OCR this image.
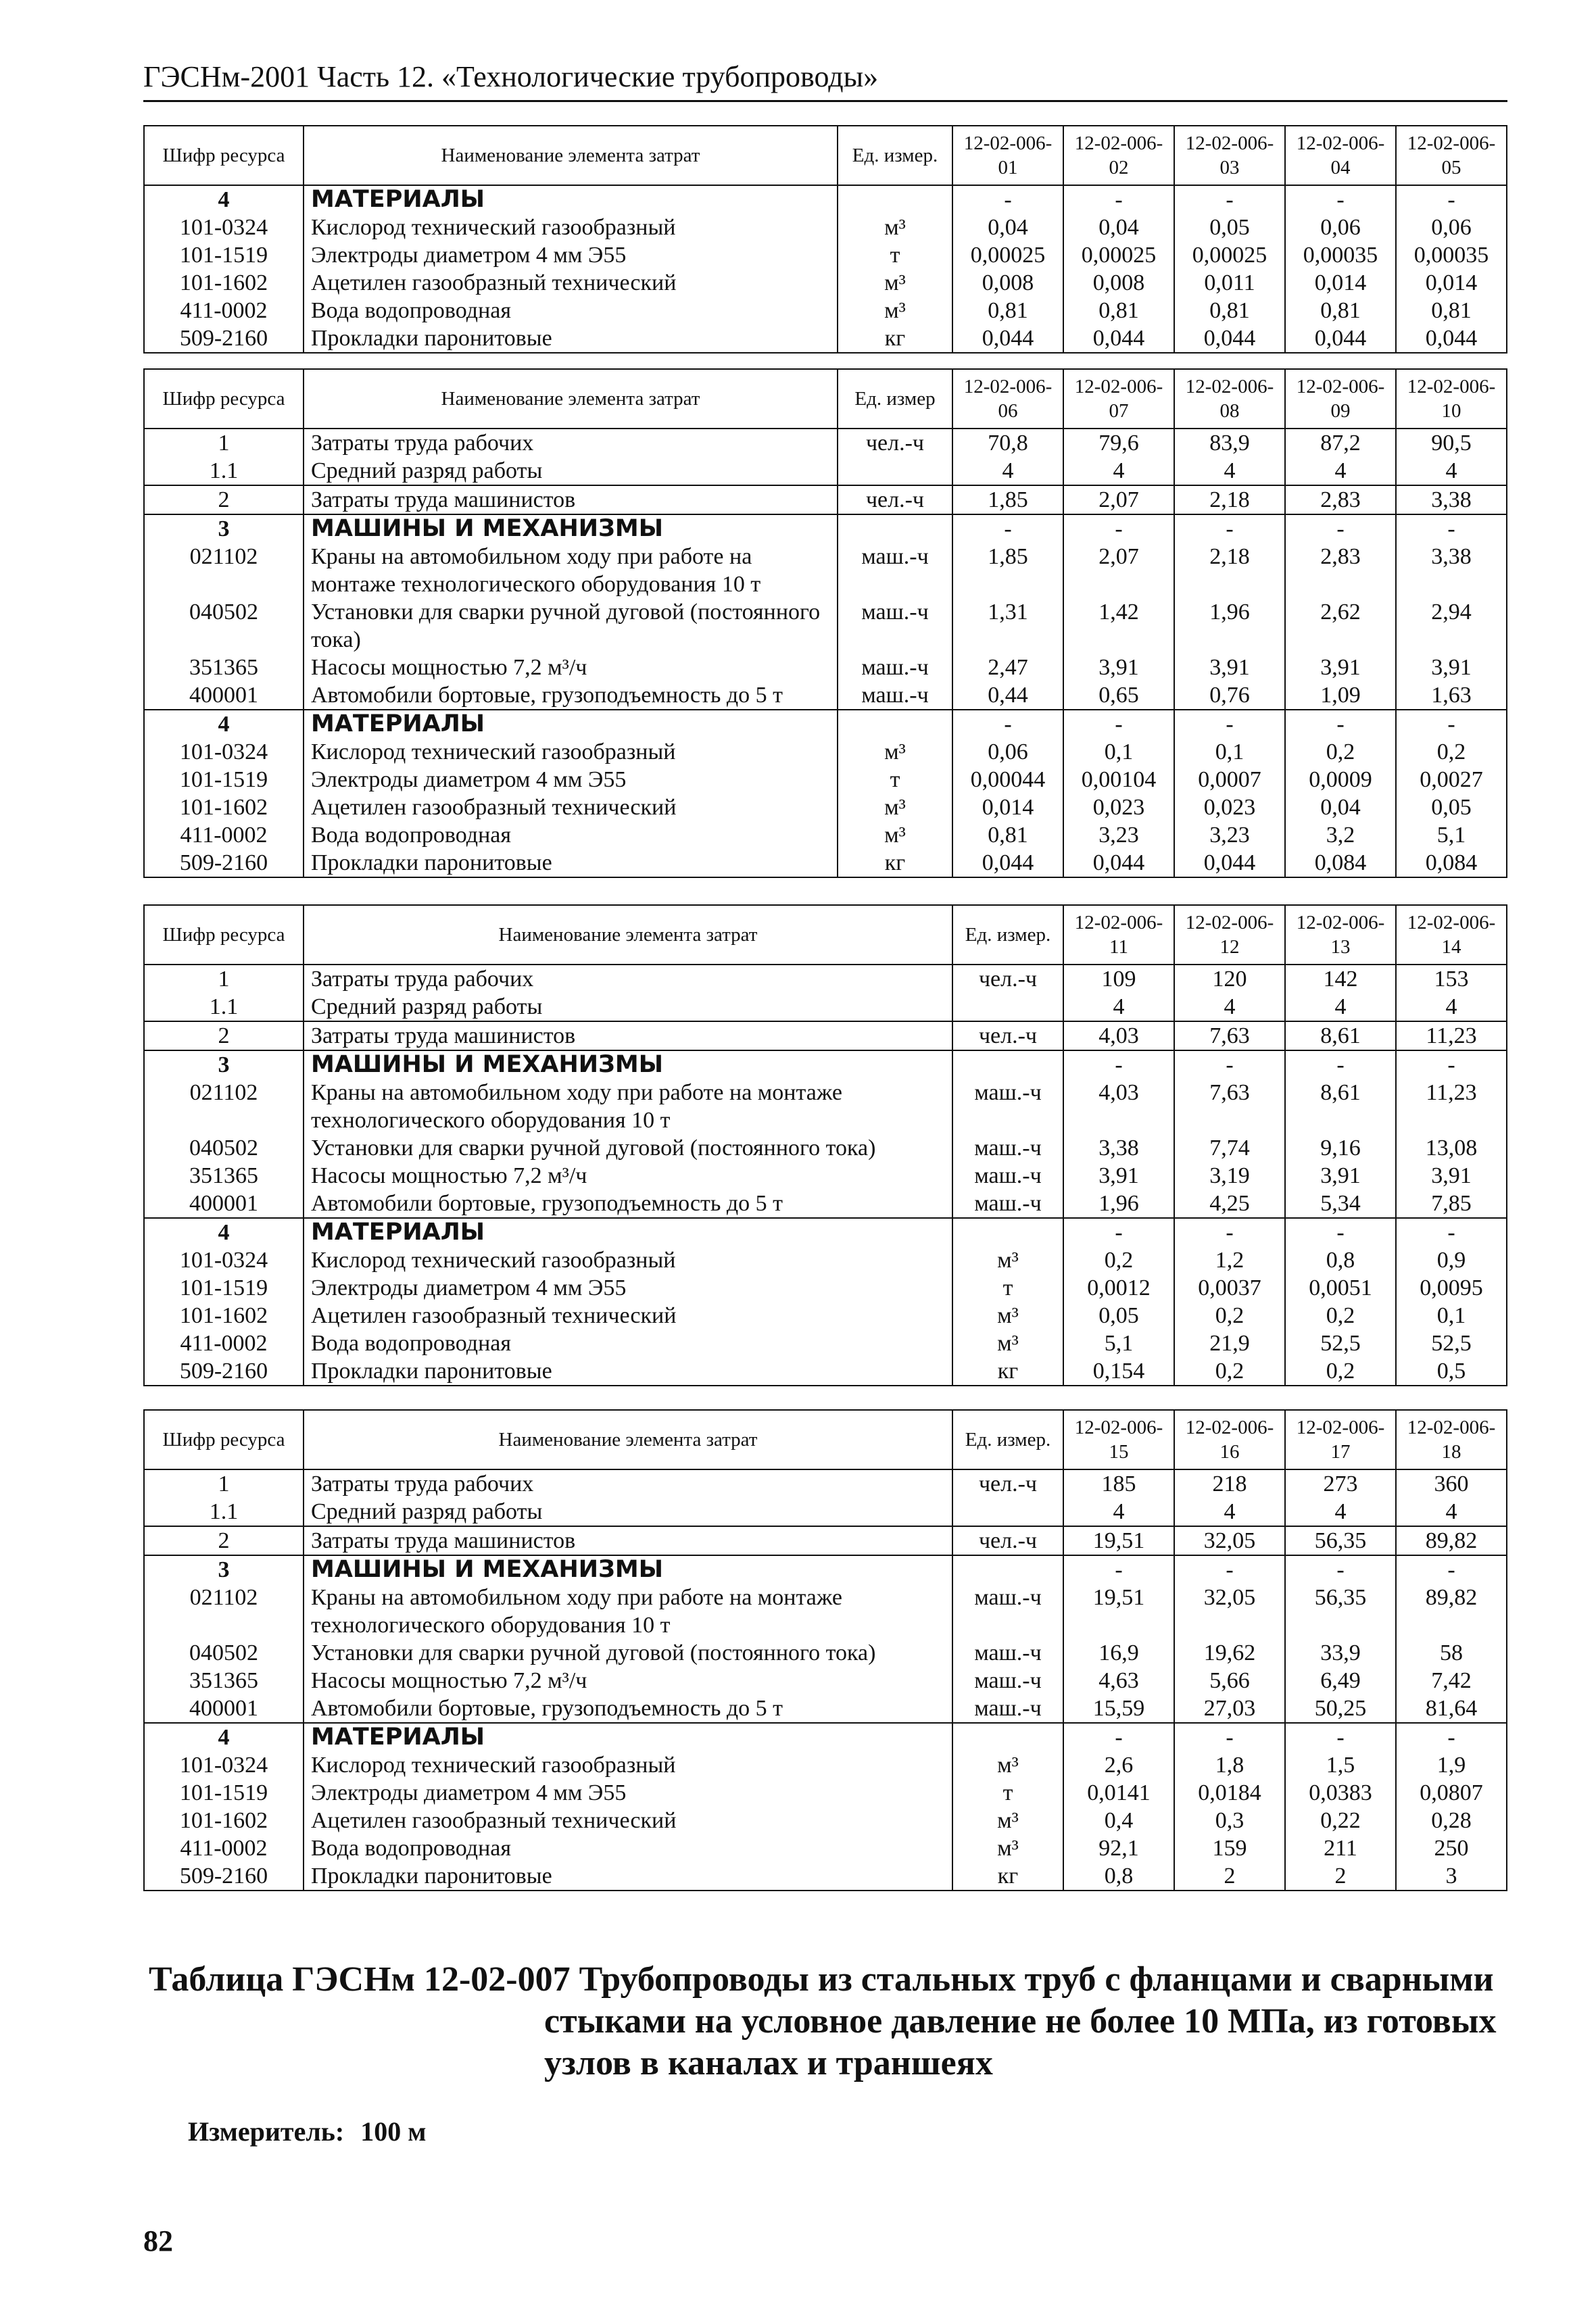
ГЭСНм-2001 Часть 12. «Технологические трубопроводы»
Шифр ресурса	Наименование элемента затрат	Ед. измер.	12-02-006-01	12-02-006-02	12-02-006-03	12-02-006-04	12-02-006-05
4	МАТЕРИАЛЫ		-	-	-	-	-
101-0324	Кислород технический газообразный	м³	0,04	0,04	0,05	0,06	0,06
101-1519	Электроды диаметром 4 мм Э55	т	0,00025	0,00025	0,00025	0,00035	0,00035
101-1602	Ацетилен газообразный технический	м³	0,008	0,008	0,011	0,014	0,014
411-0002	Вода водопроводная	м³	0,81	0,81	0,81	0,81	0,81
509-2160	Прокладки паронитовые	кг	0,044	0,044	0,044	0,044	0,044
Шифр ресурса	Наименование элемента затрат	Ед. измер	12-02-006-06	12-02-006-07	12-02-006-08	12-02-006-09	12-02-006-10
1	Затраты труда рабочих	чел.-ч	70,8	79,6	83,9	87,2	90,5
1.1	Средний разряд работы		4	4	4	4	4
2	Затраты труда машинистов	чел.-ч	1,85	2,07	2,18	2,83	3,38
3	МАШИНЫ И МЕХАНИЗМЫ		-	-	-	-	-
021102	Краны на автомобильном ходу при работе на монтаже технологического оборудования 10 т	маш.-ч	1,85	2,07	2,18	2,83	3,38
040502	Установки для сварки ручной дуговой (постоянного тока)	маш.-ч	1,31	1,42	1,96	2,62	2,94
351365	Насосы мощностью 7,2 м³/ч	маш.-ч	2,47	3,91	3,91	3,91	3,91
400001	Автомобили бортовые, грузоподъемность до 5 т	маш.-ч	0,44	0,65	0,76	1,09	1,63
4	МАТЕРИАЛЫ		-	-	-	-	-
101-0324	Кислород технический газообразный	м³	0,06	0,1	0,1	0,2	0,2
101-1519	Электроды диаметром 4 мм Э55	т	0,00044	0,00104	0,0007	0,0009	0,0027
101-1602	Ацетилен газообразный технический	м³	0,014	0,023	0,023	0,04	0,05
411-0002	Вода водопроводная	м³	0,81	3,23	3,23	3,2	5,1
509-2160	Прокладки паронитовые	кг	0,044	0,044	0,044	0,084	0,084
Шифр ресурса	Наименование элемента затрат	Ед. измер.	12-02-006-11	12-02-006-12	12-02-006-13	12-02-006-14
1	Затраты труда рабочих	чел.-ч	109	120	142	153
1.1	Средний разряд работы		4	4	4	4
2	Затраты труда машинистов	чел.-ч	4,03	7,63	8,61	11,23
3	МАШИНЫ И МЕХАНИЗМЫ		-	-	-	-
021102	Краны на автомобильном ходу при работе на монтаже технологического оборудования 10 т	маш.-ч	4,03	7,63	8,61	11,23
040502	Установки для сварки ручной дуговой (постоянного тока)	маш.-ч	3,38	7,74	9,16	13,08
351365	Насосы мощностью 7,2 м³/ч	маш.-ч	3,91	3,19	3,91	3,91
400001	Автомобили бортовые, грузоподъемность до 5 т	маш.-ч	1,96	4,25	5,34	7,85
4	МАТЕРИАЛЫ		-	-	-	-
101-0324	Кислород технический газообразный	м³	0,2	1,2	0,8	0,9
101-1519	Электроды диаметром 4 мм Э55	т	0,0012	0,0037	0,0051	0,0095
101-1602	Ацетилен газообразный технический	м³	0,05	0,2	0,2	0,1
411-0002	Вода водопроводная	м³	5,1	21,9	52,5	52,5
509-2160	Прокладки паронитовые	кг	0,154	0,2	0,2	0,5
Шифр ресурса	Наименование элемента затрат	Ед. измер.	12-02-006-15	12-02-006-16	12-02-006-17	12-02-006-18
1	Затраты труда рабочих	чел.-ч	185	218	273	360
1.1	Средний разряд работы		4	4	4	4
2	Затраты труда машинистов	чел.-ч	19,51	32,05	56,35	89,82
3	МАШИНЫ И МЕХАНИЗМЫ		-	-	-	-
021102	Краны на автомобильном ходу при работе на монтаже технологического оборудования 10 т	маш.-ч	19,51	32,05	56,35	89,82
040502	Установки для сварки ручной дуговой (постоянного тока)	маш.-ч	16,9	19,62	33,9	58
351365	Насосы мощностью 7,2 м³/ч	маш.-ч	4,63	5,66	6,49	7,42
400001	Автомобили бортовые, грузоподъемность до 5 т	маш.-ч	15,59	27,03	50,25	81,64
4	МАТЕРИАЛЫ		-	-	-	-
101-0324	Кислород технический газообразный	м³	2,6	1,8	1,5	1,9
101-1519	Электроды диаметром 4 мм Э55	т	0,0141	0,0184	0,0383	0,0807
101-1602	Ацетилен газообразный технический	м³	0,4	0,3	0,22	0,28
411-0002	Вода водопроводная	м³	92,1	159	211	250
509-2160	Прокладки паронитовые	кг	0,8	2	2	3
Таблица ГЭСНм 12-02-007 Трубопроводы из стальных труб с фланцами и сварными
стыками на условное давление не более 10 МПа, из готовых
узлов в каналах и траншеях
Измеритель: 100 м
82
